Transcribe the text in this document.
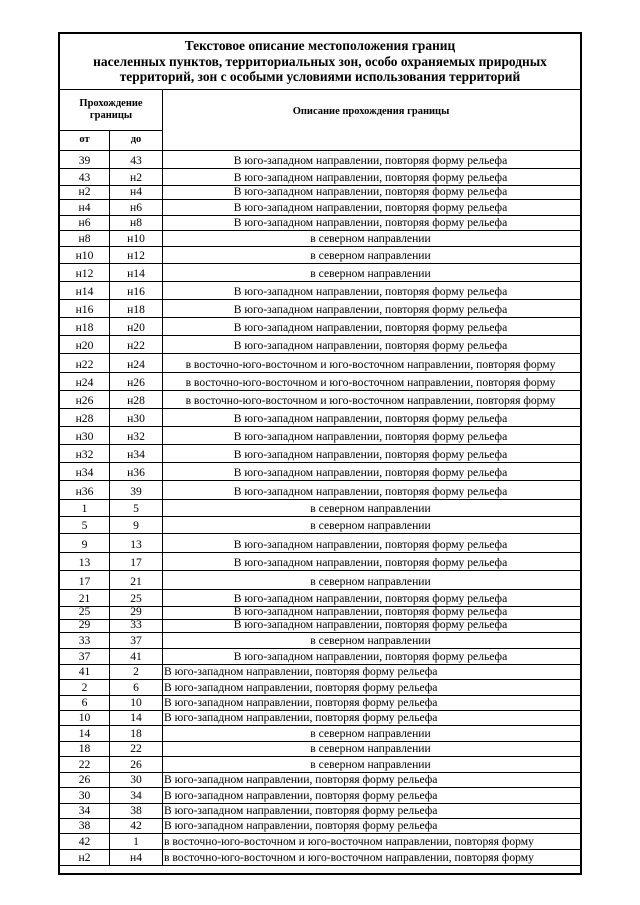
Текстовое описание местоположения границ
населенных пунктов, территориальных зон, особо охраняемых природных
территорий, зон с особыми условиями использования территорий
Прохождение границы	Описание прохождения границы
от	до
39	43	В юго-западном направлении, повторяя форму рельефа
43	н2	В юго-западном направлении, повторяя форму рельефа
н2	н4	В юго-западном направлении, повторяя форму рельефа
н4	н6	В юго-западном направлении, повторяя форму рельефа
н6	н8	В юго-западном направлении, повторяя форму рельефа
н8	н10	в северном направлении
н10	н12	в северном направлении
н12	н14	в северном направлении
н14	н16	В юго-западном направлении, повторяя форму рельефа
н16	н18	В юго-западном направлении, повторяя форму рельефа
н18	н20	В юго-западном направлении, повторяя форму рельефа
н20	н22	В юго-западном направлении, повторяя форму рельефа
н22	н24	в восточно-юго-восточном и юго-восточном направлении, повторяя форму
н24	н26	в восточно-юго-восточном и юго-восточном направлении, повторяя форму
н26	н28	в восточно-юго-восточном и юго-восточном направлении, повторяя форму
н28	н30	В юго-западном направлении, повторяя форму рельефа
н30	н32	В юго-западном направлении, повторяя форму рельефа
н32	н34	В юго-западном направлении, повторяя форму рельефа
н34	н36	В юго-западном направлении, повторяя форму рельефа
н36	39	В юго-западном направлении, повторяя форму рельефа
1	5	в северном направлении
5	9	в северном направлении
9	13	В юго-западном направлении, повторяя форму рельефа
13	17	В юго-западном направлении, повторяя форму рельефа
17	21	в северном направлении
21	25	В юго-западном направлении, повторяя форму рельефа
25	29	В юго-западном направлении, повторяя форму рельефа
29	33	В юго-западном направлении, повторяя форму рельефа
33	37	в северном направлении
37	41	В юго-западном направлении, повторяя форму рельефа
41	2	В юго-западном направлении, повторяя форму рельефа
2	6	В юго-западном направлении, повторяя форму рельефа
6	10	В юго-западном направлении, повторяя форму рельефа
10	14	В юго-западном направлении, повторяя форму рельефа
14	18	в северном направлении
18	22	в северном направлении
22	26	в северном направлении
26	30	В юго-западном направлении, повторяя форму рельефа
30	34	В юго-западном направлении, повторяя форму рельефа
34	38	В юго-западном направлении, повторяя форму рельефа
38	42	В юго-западном направлении, повторяя форму рельефа
42	1	в восточно-юго-восточном и юго-восточном направлении, повторяя форму
н2	н4	в восточно-юго-восточном и юго-восточном направлении, повторяя форму
